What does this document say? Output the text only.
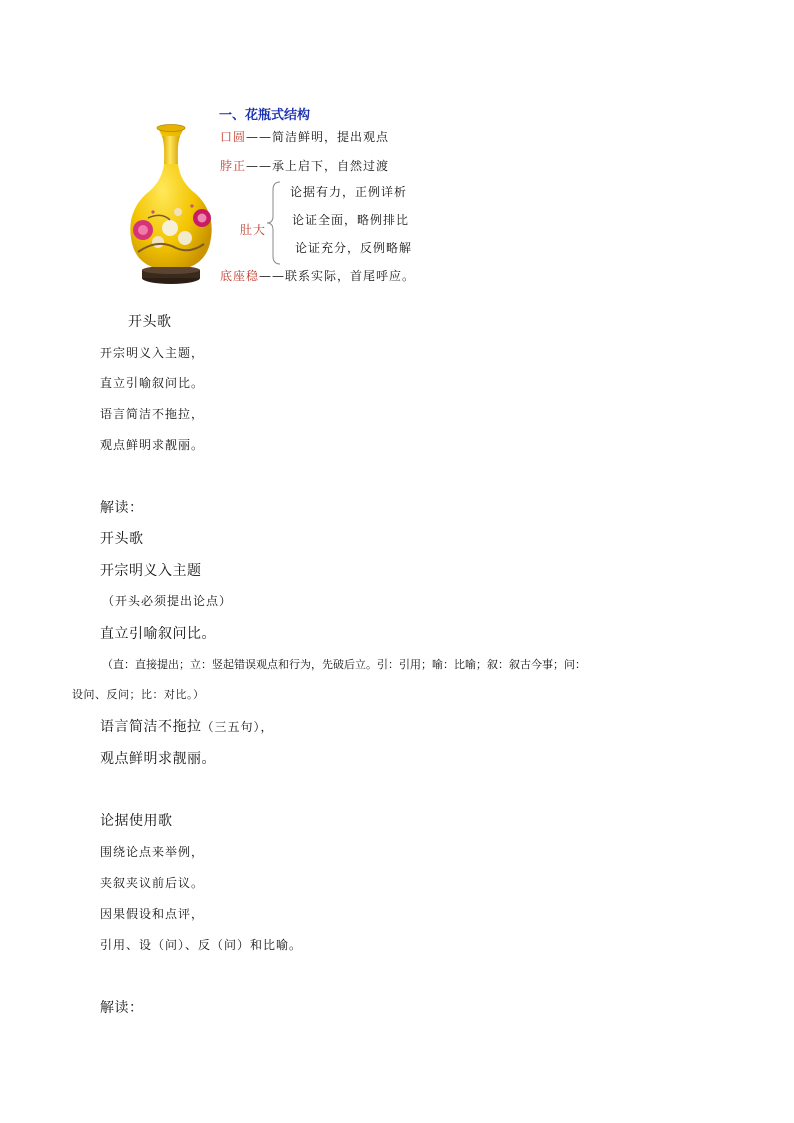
一、花瓶式结构
口圆——简洁鲜明，提出观点
脖正——承上启下，自然过渡
肚大
论据有力，正例详析
论证全面，略例排比
论证充分，反例略解
底座稳——联系实际，首尾呼应。
开头歌
开宗明义入主题，
直立引喻叙问比。
语言简洁不拖拉，
观点鲜明求靓丽。
解读：
开头歌
开宗明义入主题
（开头必须提出论点）
直立引喻叙问比。
（直：直接提出；立：竖起错误观点和行为，先破后立。引：引用；喻：比喻；叙：叙古今事；问：
设问、反问；比：对比。）
语言简洁不拖拉（三五句），
观点鲜明求靓丽。
论据使用歌
围绕论点来举例，
夹叙夹议前后议。
因果假设和点评，
引用、设（问）、反（问）和比喻。
解读：
